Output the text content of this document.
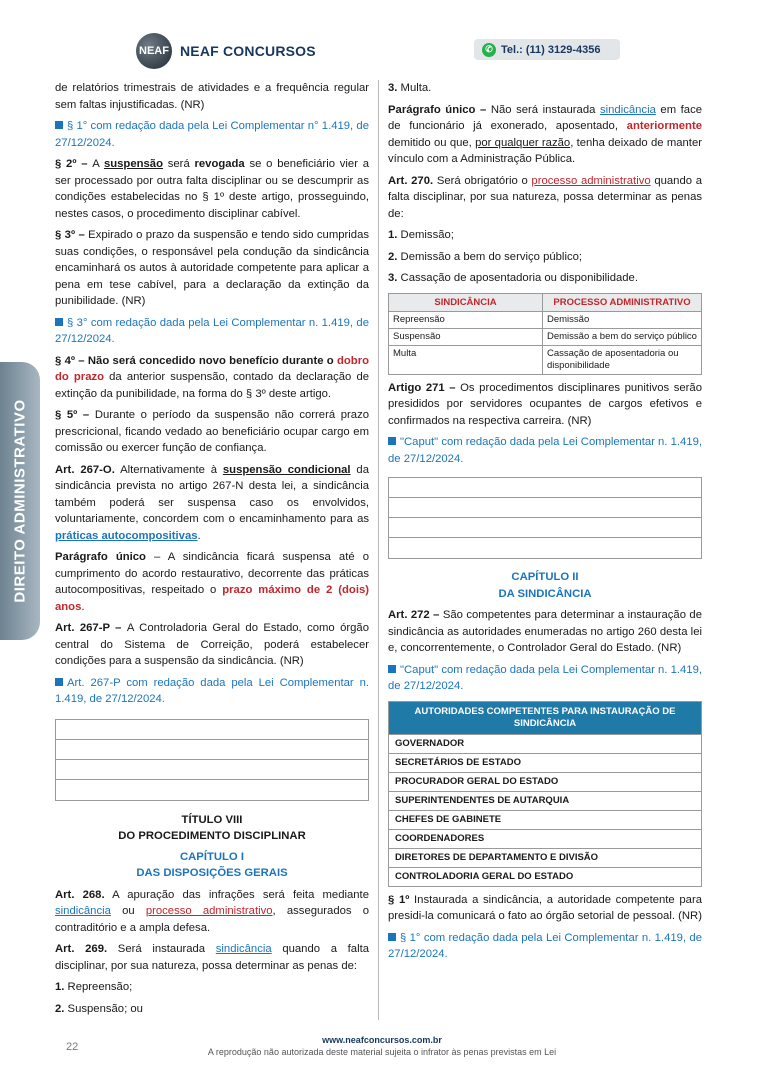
NEAF NEAF CONCURSOS	✆ Tel.: (11) 3129-4356
DIREITO ADMINISTRATIVO

de relatórios trimestrais de atividades e a frequência regular sem faltas injustificadas. (NR)

§ 1° com redação dada pela Lei Complementar n° 1.419, de 27/12/2024.

§ 2º – A suspensão será revogada se o beneficiário vier a ser processado por outra falta disciplinar ou se descumprir as condições estabelecidas no § 1º deste artigo, prosseguindo, nestes casos, o procedimento disciplinar cabível.

§ 3º – Expirado o prazo da suspensão e tendo sido cumpridas suas condições, o responsável pela condução da sindicância encaminhará os autos à autoridade competente para aplicar a pena em tese cabível, para a declaração da extinção da punibilidade. (NR)

§ 3° com redação dada pela Lei Complementar n. 1.419, de 27/12/2024.

§ 4º – Não será concedido novo benefício durante o dobro do prazo da anterior suspensão, contado da declaração de extinção da punibilidade, na forma do § 3º deste artigo.

§ 5º – Durante o período da suspensão não correrá prazo prescricional, ficando vedado ao beneficiário ocupar cargo em comissão ou exercer função de confiança.

Art. 267-O. Alternativamente à suspensão condicional da sindicância prevista no artigo 267-N desta lei, a sindicância também poderá ser suspensa caso os envolvidos, voluntariamente, concordem com o encaminhamento para as práticas autocompositivas.

Parágrafo único – A sindicância ficará suspensa até o cumprimento do acordo restaurativo, decorrente das práticas autocompositivas, respeitado o prazo máximo de 2 (dois) anos.

Art. 267-P – A Controladoria Geral do Estado, como órgão central do Sistema de Correição, poderá estabelecer condições para a suspensão da sindicância. (NR)

Art. 267-P com redação dada pela Lei Complementar n. 1.419, de 27/12/2024.

TÍTULO VIII
DO PROCEDIMENTO DISCIPLINAR
CAPÍTULO I
DAS DISPOSIÇÕES GERAIS

Art. 268. A apuração das infrações será feita mediante sindicância ou processo administrativo, assegurados o contraditório e a ampla defesa.

Art. 269. Será instaurada sindicância quando a falta disciplinar, por sua natureza, possa determinar as penas de:

1. Repreensão;

2. Suspensão; ou

3. Multa.

Parágrafo único – Não será instaurada sindicância em face de funcionário já exonerado, aposentado, anteriormente demitido ou que, por qualquer razão, tenha deixado de manter vínculo com a Administração Pública.

Art. 270. Será obrigatório o processo administrativo quando a falta disciplinar, por sua natureza, possa determinar as penas de:

1. Demissão;

2. Demissão a bem do serviço público;

3. Cassação de aposentadoria ou disponibilidade.

SINDICÂNCIA	PROCESSO ADMINISTRATIVO
Repreensão	Demissão
Suspensão	Demissão a bem do serviço público
Multa	Cassação de aposentadoria ou disponibilidade

Artigo 271 – Os procedimentos disciplinares punitivos serão presididos por servidores ocupantes de cargos efetivos e confirmados na respectiva carreira. (NR)

"Caput" com redação dada pela Lei Complementar n. 1.419, de 27/12/2024.

CAPÍTULO II
DA SINDICÂNCIA

Art. 272 – São competentes para determinar a instauração de sindicância as autoridades enumeradas no artigo 260 desta lei e, concorrentemente, o Controlador Geral do Estado. (NR)

"Caput" com redação dada pela Lei Complementar n. 1.419, de 27/12/2024.

AUTORIDADES COMPETENTES PARA INSTAURAÇÃO DE SINDICÂNCIA
GOVERNADOR
SECRETÁRIOS DE ESTADO
PROCURADOR GERAL DO ESTADO
SUPERINTENDENTES DE AUTARQUIA
CHEFES DE GABINETE
COORDENADORES
DIRETORES DE DEPARTAMENTO E DIVISÃO
CONTROLADORIA GERAL DO ESTADO

§ 1º Instaurada a sindicância, a autoridade competente para presidi-la comunicará o fato ao órgão setorial de pessoal. (NR)

§ 1° com redação dada pela Lei Complementar n. 1.419, de 27/12/2024.

22
www.neafconcursos.com.br
A reprodução não autorizada deste material sujeita o infrator às penas previstas em Lei
